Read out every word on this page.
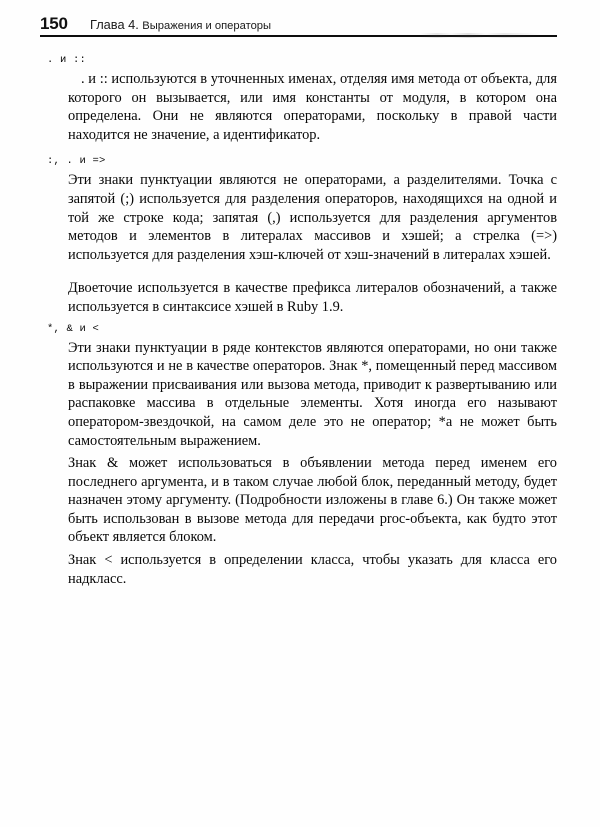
150 Глава 4. Выражения и операторы

. и ::

. и :: используются в уточненных именах, отделяя имя метода от объекта, для которого он вызывается, или имя константы от модуля, в котором она определена. Они не являются операторами, поскольку в правой части находится не значение, а идентификатор.

:, . и =>

Эти знаки пунктуации являются не операторами, а разделителями. Точка с запятой (;) используется для разделения операторов, находящихся на одной и той же строке кода; запятая (,) используется для разделения аргументов методов и элементов в литералах массивов и хэшей; а стрелка (=>) используется для разделения хэш-ключей от хэш-значений в литералах хэшей.

Двоеточие используется в качестве префикса литералов обозначений, а также используется в синтаксисе хэшей в Ruby 1.9.

*, & и <

Эти знаки пунктуации в ряде контекстов являются операторами, но они также используются и не в качестве операторов. Знак *, помещенный перед массивом в выражении присваивания или вызова метода, приводит к развертыванию или распаковке массива в отдельные элементы. Хотя иногда его называют оператором-звездочкой, на самом деле это не оператор; *a не может быть самостоятельным выражением.

Знак & может использоваться в объявлении метода перед именем его последнего аргумента, и в таком случае любой блок, переданный методу, будет назначен этому аргументу. (Подробности изложены в главе 6.) Он также может быть использован в вызове метода для передачи proc-объекта, как будто этот объект является блоком.

Знак < используется в определении класса, чтобы указать для класса его надкласс.
